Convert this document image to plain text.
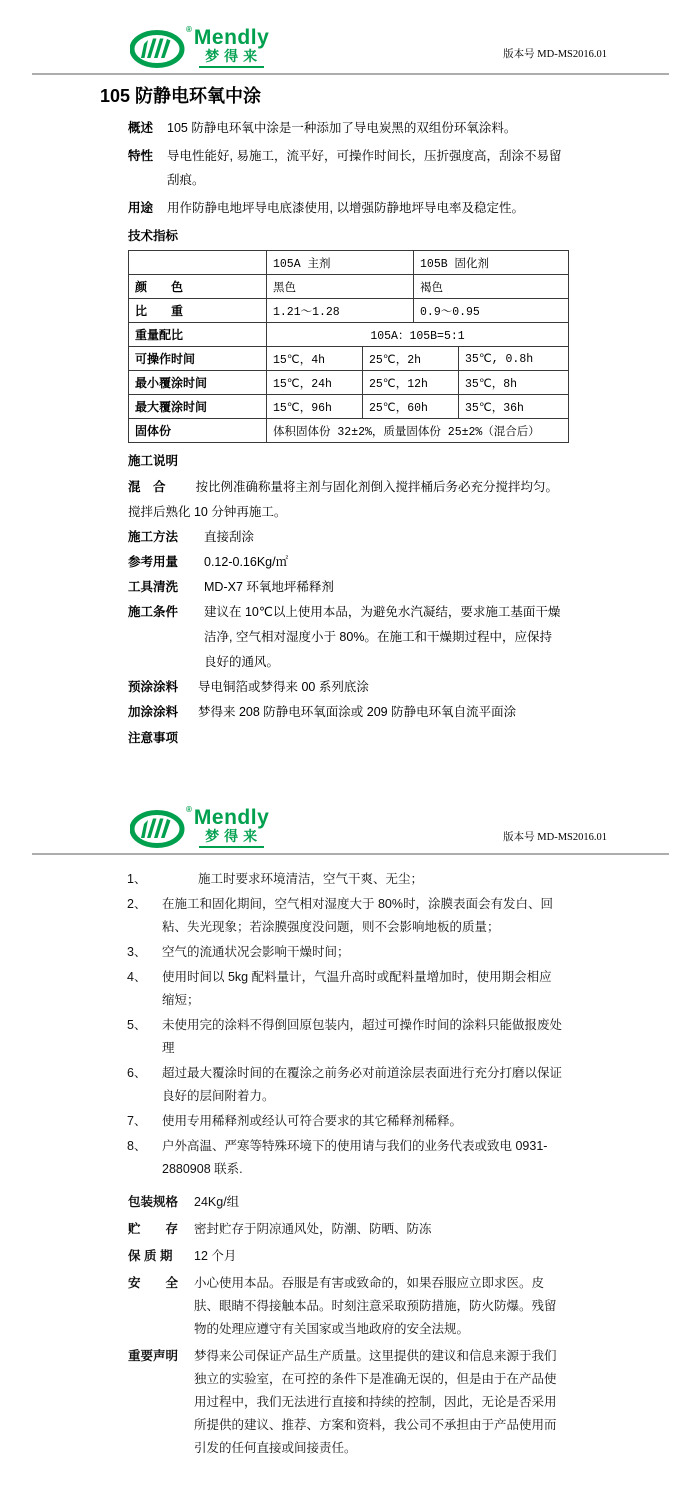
® Mendly
梦得来	版本号 MD-MS2016.01
105 防静电环氧中涂
概述	105 防静电环氧中涂是一种添加了导电炭黑的双组份环氧涂料。
特性	导电性能好, 易施工，流平好，可操作时间长，压折强度高，刮涂不易留刮痕。
用途	用作防静电地坪导电底漆使用, 以增强防静地坪导电率及稳定性。
技术指标
	105A 主剂		105B 固化剂	
颜　　色	黑色		褐色	
比　　重	1.21～1.28		0.9～0.95	
重量配比	105A：105B=5:1			
可操作时间	15℃，4h	25℃，2h		35℃, 0.8h
最小覆涂时间	15℃，24h	25℃，12h		35℃，8h
最大覆涂时间	15℃，96h	25℃，60h		35℃，36h
固体份	体积固体份 32±2%，质量固体份 25±2%（混合后）			
施工说明

混　合 按比例准确称量将主剂与固化剂倒入搅拌桶后务必充分搅拌均匀。搅拌后熟化 10 分钟再施工。

施工方法	直接刮涂
参考用量	0.12-0.16Kg/㎡
工具清洗	MD-X7 环氧地坪稀释剂
施工条件	建议在 10℃以上使用本品，为避免水汽凝结，要求施工基面干燥洁净, 空气相对湿度小于 80%。在施工和干燥期过程中，应保持良好的通风。
预涂涂料	导电铜箔或梦得来 00 系列底涂
加涂涂料	梦得来 208 防静电环氧面涂或 209 防静电环氧自流平面涂
注意事项
® Mendly
梦得来	版本号 MD-MS2016.01
1、	施工时要求环境清洁，空气干爽、无尘；
2、	在施工和固化期间，空气相对湿度大于 80%时，涂膜表面会有发白、回粘、失光现象；若涂膜强度没问题，则不会影响地板的质量；
3、	空气的流通状况会影响干燥时间；
4、	使用时间以 5kg 配料量计，气温升高时或配料量增加时，使用期会相应缩短；
5、	未使用完的涂料不得倒回原包装内，超过可操作时间的涂料只能做报废处理
6、	超过最大覆涂时间的在覆涂之前务必对前道涂层表面进行充分打磨以保证良好的层间附着力。
7、	使用专用稀释剂或经认可符合要求的其它稀释剂稀释。
8、	户外高温、严寒等特殊环境下的使用请与我们的业务代表或致电 0931-2880908 联系.
包装规格	24Kg/组
贮　　存	密封贮存于阴凉通风处，防潮、防晒、防冻
保 质 期	12 个月
安　　全	小心使用本品。吞服是有害或致命的，如果吞服应立即求医。皮肤、眼睛不得接触本品。时刻注意采取预防措施，防火防爆。残留物的处理应遵守有关国家或当地政府的安全法规。
重要声明	梦得来公司保证产品生产质量。这里提供的建议和信息来源于我们独立的实验室，在可控的条件下是准确无误的，但是由于在产品使用过程中，我们无法进行直接和持续的控制，因此，无论是否采用所提供的建议、推荐、方案和资料，我公司不承担由于产品使用而引发的任何直接或间接责任。
